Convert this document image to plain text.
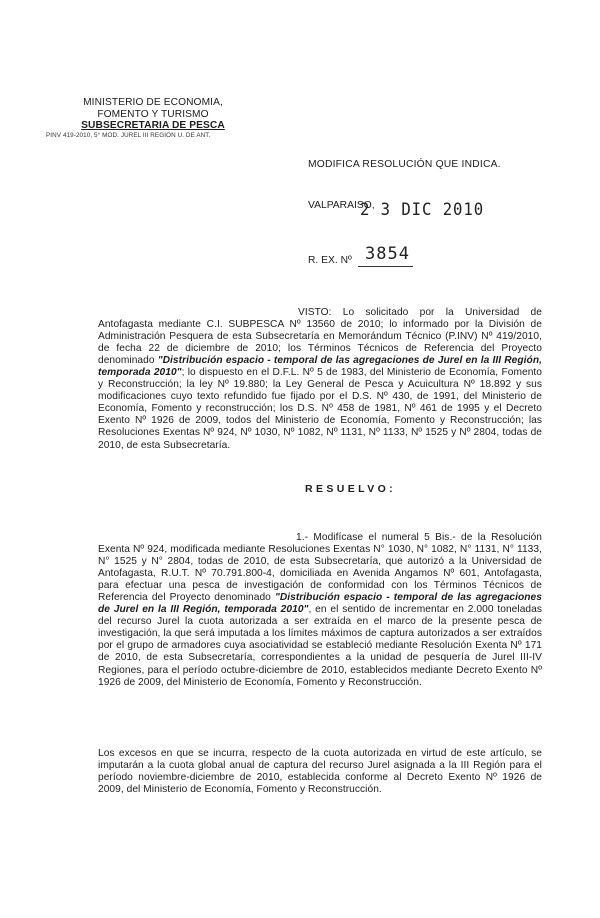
MINISTERIO DE ECONOMIA,
FOMENTO Y TURISMO
SUBSECRETARIA DE PESCA
PINV 419-2010, 5° MOD. JUREL III REGION U. DE ANT.
MODIFICA RESOLUCIÓN QUE INDICA.
VALPARAISO,
2 3 DIC 2010
R. EX. Nº 3854
VISTO: Lo solicitado por la Universidad de Antofagasta mediante C.I. SUBPESCA Nº 13560 de 2010; lo informado por la División de Administración Pesquera de esta Subsecretaría en Memorándum Técnico (P.INV) Nº 419/2010, de fecha 22 de diciembre de 2010; los Términos Técnicos de Referencia del Proyecto denominado "Distribución espacio - temporal de las agregaciones de Jurel en la III Región, temporada 2010"; lo dispuesto en el D.F.L. Nº 5 de 1983, del Ministerio de Economía, Fomento y Reconstrucción; la ley Nº 19.880; la Ley General de Pesca y Acuicultura Nº 18.892 y sus modificaciones cuyo texto refundido fue fijado por el D.S. Nº 430, de 1991, del Ministerio de Economía, Fomento y reconstrucción; los D.S. Nº 458 de 1981, Nº 461 de 1995 y el Decreto Exento Nº 1926 de 2009, todos del Ministerio de Economía, Fomento y Reconstrucción; las Resoluciones Exentas Nº 924, Nº 1030, Nº 1082, Nº 1131, Nº 1133, Nº 1525 y Nº 2804, todas de 2010, de esta Subsecretaría.
RESUELVO:
1.- Modifícase el numeral 5 Bis.- de la Resolución Exenta Nº 924, modificada mediante Resoluciones Exentas N° 1030, N° 1082, N° 1131, N° 1133, N° 1525 y N° 2804, todas de 2010, de esta Subsecretaría, que autorizó a la Universidad de Antofagasta, R.U.T. Nº 70.791.800-4, domiciliada en Avenida Angamos Nº 601, Antofagasta, para efectuar una pesca de investigación de conformidad con los Términos Técnicos de Referencia del Proyecto denominado "Distribución espacio - temporal de las agregaciones de Jurel en la III Región, temporada 2010", en el sentido de incrementar en 2.000 toneladas del recurso Jurel la cuota autorizada a ser extraída en el marco de la presente pesca de investigación, la que será imputada a los límites máximos de captura autorizados a ser extraídos por el grupo de armadores cuya asociatividad se estableció mediante Resolución Exenta Nº 171 de 2010, de esta Subsecretaría, correspondientes a la unidad de pesquería de Jurel III-IV Regiones, para el período octubre-diciembre de 2010, establecidos mediante Decreto Exento Nº 1926 de 2009, del Ministerio de Economía, Fomento y Reconstrucción.
Los excesos en que se incurra, respecto de la cuota autorizada en virtud de este artículo, se imputarán a la cuota global anual de captura del recurso Jurel asignada a la III Región para el período noviembre-diciembre de 2010, establecida conforme al Decreto Exento Nº 1926 de 2009, del Ministerio de Economía, Fomento y Reconstrucción.
